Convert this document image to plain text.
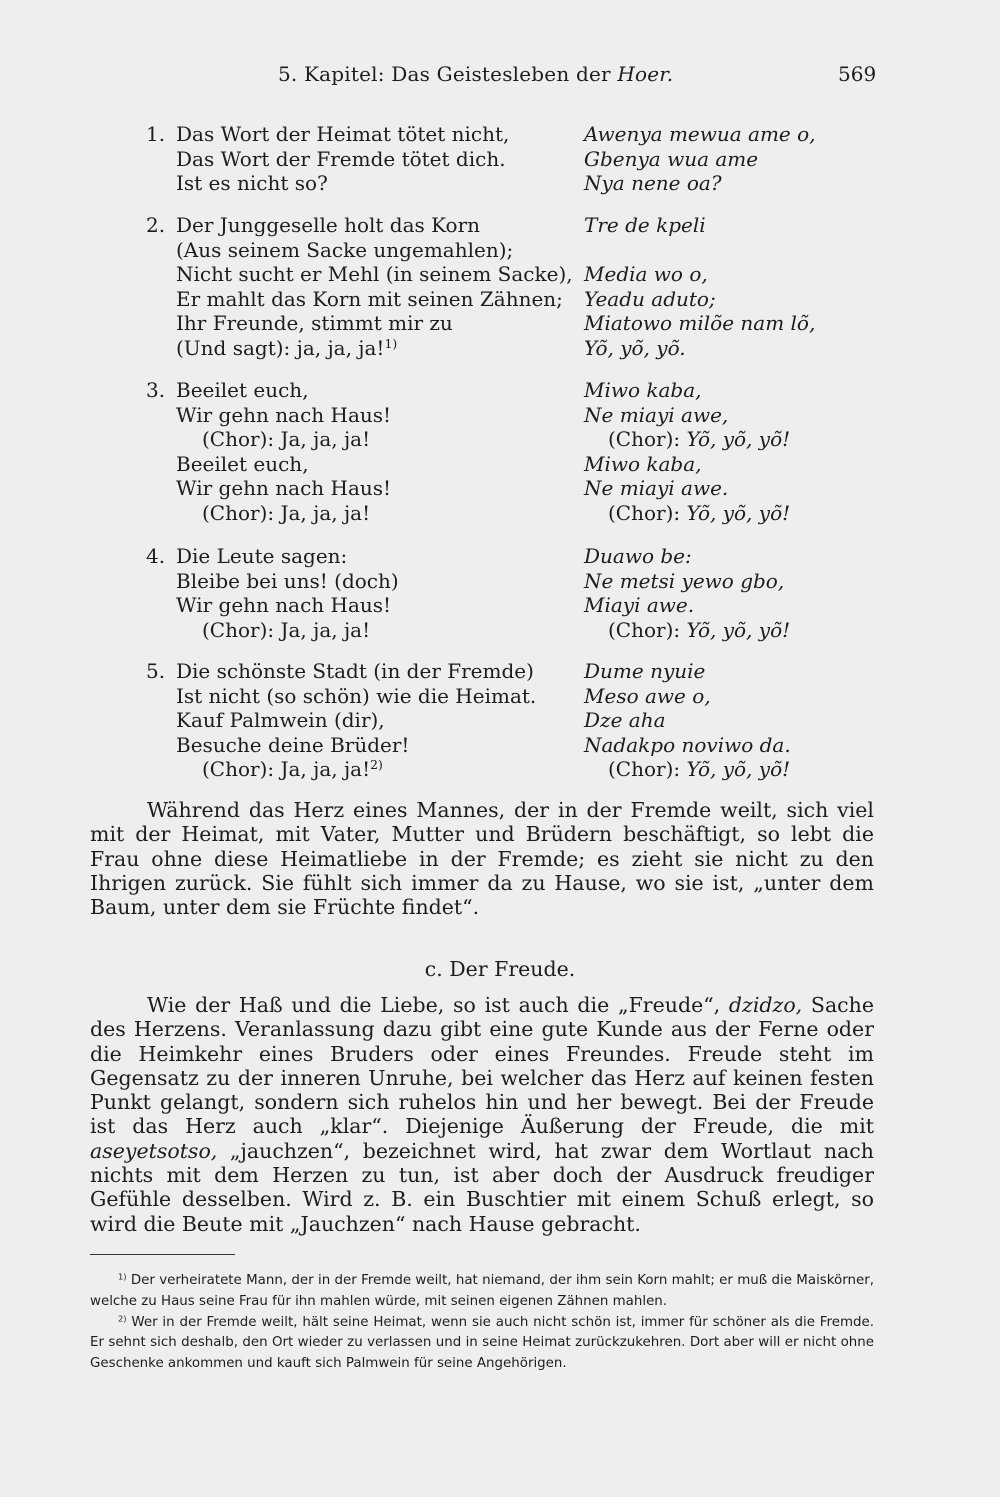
5. Kapitel: Das Geistesleben der Hoer.	569
1. Das Wort der Heimat tötet nicht,
Das Wort der Fremde tötet dich.
Ist es nicht so?
Awenya mewua ame o,
Gbenya wua ame
Nya nene oa?
2. Der Junggeselle holt das Korn
(Aus seinem Sacke ungemahlen);
Nicht sucht er Mehl (in seinem Sacke),
Er mahlt das Korn mit seinen Zähnen;
Ihr Freunde, stimmt mir zu
(Und sagt): ja, ja, ja!$^{1)}$
Tre de kpeli
Media wo o,
Yeadu aduto;
Miatowo milõe nam lõ,
Yõ, yõ, yõ.
3. Beeilet euch,
Wir gehn nach Haus!
(Chor): Ja, ja, ja!
Beeilet euch,
Wir gehn nach Haus!
(Chor): Ja, ja, ja!
Miwo kaba,
Ne miayi awe,
(Chor): Yõ, yõ, yõ!
Miwo kaba,
Ne miayi awe.
(Chor): Yõ, yõ, yõ!
4. Die Leute sagen:
Bleibe bei uns! (doch)
Wir gehn nach Haus!
(Chor): Ja, ja, ja!
Duawo be:
Ne metsi yewo gbo,
Miayi awe.
(Chor): Yõ, yõ, yõ!
5. Die schönste Stadt (in der Fremde)
Ist nicht (so schön) wie die Heimat.
Kauf Palmwein (dir),
Besuche deine Brüder!
(Chor): Ja, ja, ja!$^{2)}$
Dume nyuie
Meso awe o,
Dze aha
Nadakpo noviwo da.
(Chor): Yõ, yõ, yõ!

Während das Herz eines Mannes, der in der Fremde weilt, sich viel mit der Heimat, mit Vater, Mutter und Brüdern beschäftigt, so lebt die Frau ohne diese Heimatliebe in der Fremde; es zieht sie nicht zu den Ihrigen zurück. Sie fühlt sich immer da zu Hause, wo sie ist, „unter dem Baum, unter dem sie Früchte findet“.

c. Der Freude.

Wie der Haß und die Liebe, so ist auch die „Freude“, dzidzo, Sache des Herzens. Veranlassung dazu gibt eine gute Kunde aus der Ferne oder die Heimkehr eines Bruders oder eines Freundes. Freude steht im Gegensatz zu der inneren Unruhe, bei welcher das Herz auf keinen festen Punkt gelangt, sondern sich ruhelos hin und her bewegt. Bei der Freude ist das Herz auch „klar“. Diejenige Äußerung der Freude, die mit aseyetsotso, „jauchzen“, bezeichnet wird, hat zwar dem Wortlaut nach nichts mit dem Herzen zu tun, ist aber doch der Ausdruck freudiger Gefühle desselben. Wird z. B. ein Buschtier mit einem Schuß erlegt, so wird die Beute mit „Jauchzen“ nach Hause gebracht.

$^{1)}$ Der verheiratete Mann, der in der Fremde weilt, hat niemand, der ihm sein Korn mahlt; er muß die Maiskörner, welche zu Haus seine Frau für ihn mahlen würde, mit seinen eigenen Zähnen mahlen.

$^{2)}$ Wer in der Fremde weilt, hält seine Heimat, wenn sie auch nicht schön ist, immer für schöner als die Fremde. Er sehnt sich deshalb, den Ort wieder zu verlassen und in seine Heimat zurückzukehren. Dort aber will er nicht ohne Geschenke ankommen und kauft sich Palmwein für seine Angehörigen.
